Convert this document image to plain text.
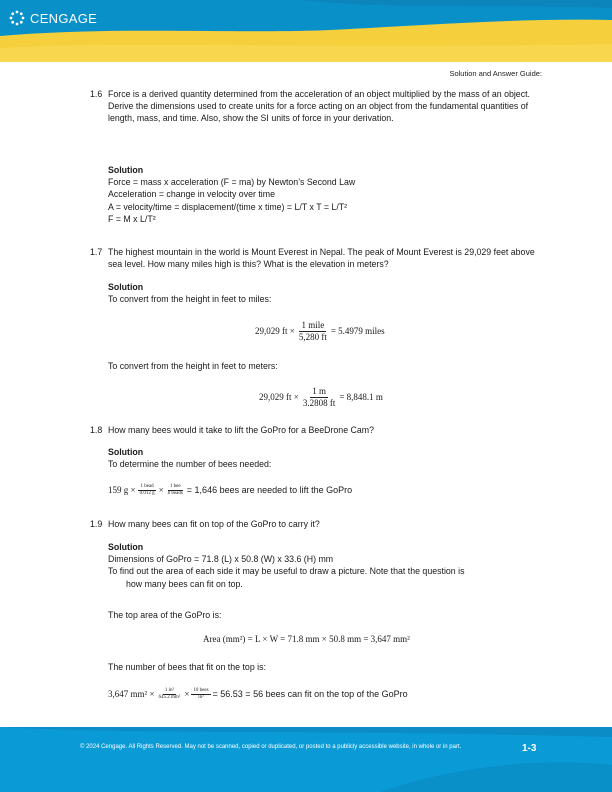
CENGAGE
Solution and Answer Guide:
1.6 Force is a derived quantity determined from the acceleration of an object multiplied by the mass of an object. Derive the dimensions used to create units for a force acting on an object from the fundamental quantities of length, mass, and time. Also, show the SI units of force in your derivation.
Solution
Force = mass x acceleration (F = ma) by Newton’s Second Law
Acceleration = change in velocity over time
A = velocity/time = displacement/(time x time) = L/T x T = L/T²
F = M x L/T²
1.7 The highest mountain in the world is Mount Everest in Nepal. The peak of Mount Everest is 29,029 feet above sea level. How many miles high is this? What is the elevation in meters?
Solution
To convert from the height in feet to miles:
29,029 ft × $\frac{\text{1 mile}}{5,280 ft} = 5.4979$ miles
To convert from the height in feet to meters:
29,029 ft × $\frac{1 m}{3.2808 ft} = 8,848.1$ m
1.8 How many bees would it take to lift the GoPro for a BeeDrone Cam?
Solution
To determine the number of bees needed:
159 $g \times \frac{\text{1 bead}}{0.012 g} \times \frac{\text{1 bee}}{\text{8 beads}} = 1,646$ bees are needed to lift the GoPro
1.9 How many bees can fit on top of the GoPro to carry it?
Solution
Dimensions of GoPro = 71.8 (L) x 50.8 (W) x 33.6 (H) mm
To find out the area of each side it may be useful to draw a picture. Note that the question is
how many bees can fit on top.
The top area of the GoPro is:
Area (mm²) = L × W = 71.8 mm × 50.8 mm = 3,647 mm²
The number of bees that fit on the top is:
3,647 $mm^2 \times \frac{\text{1 in²}}{\text{645.2 mm²}} \times \frac{\text{10 bees}}{\text{in²}} = 56.53 = 56$ bees can fit on the top of the GoPro
© 2024 Cengage. All Rights Reserved. May not be scanned, copied or duplicated, or posted to a publicly accessible website, in whole or in part.	1-3
